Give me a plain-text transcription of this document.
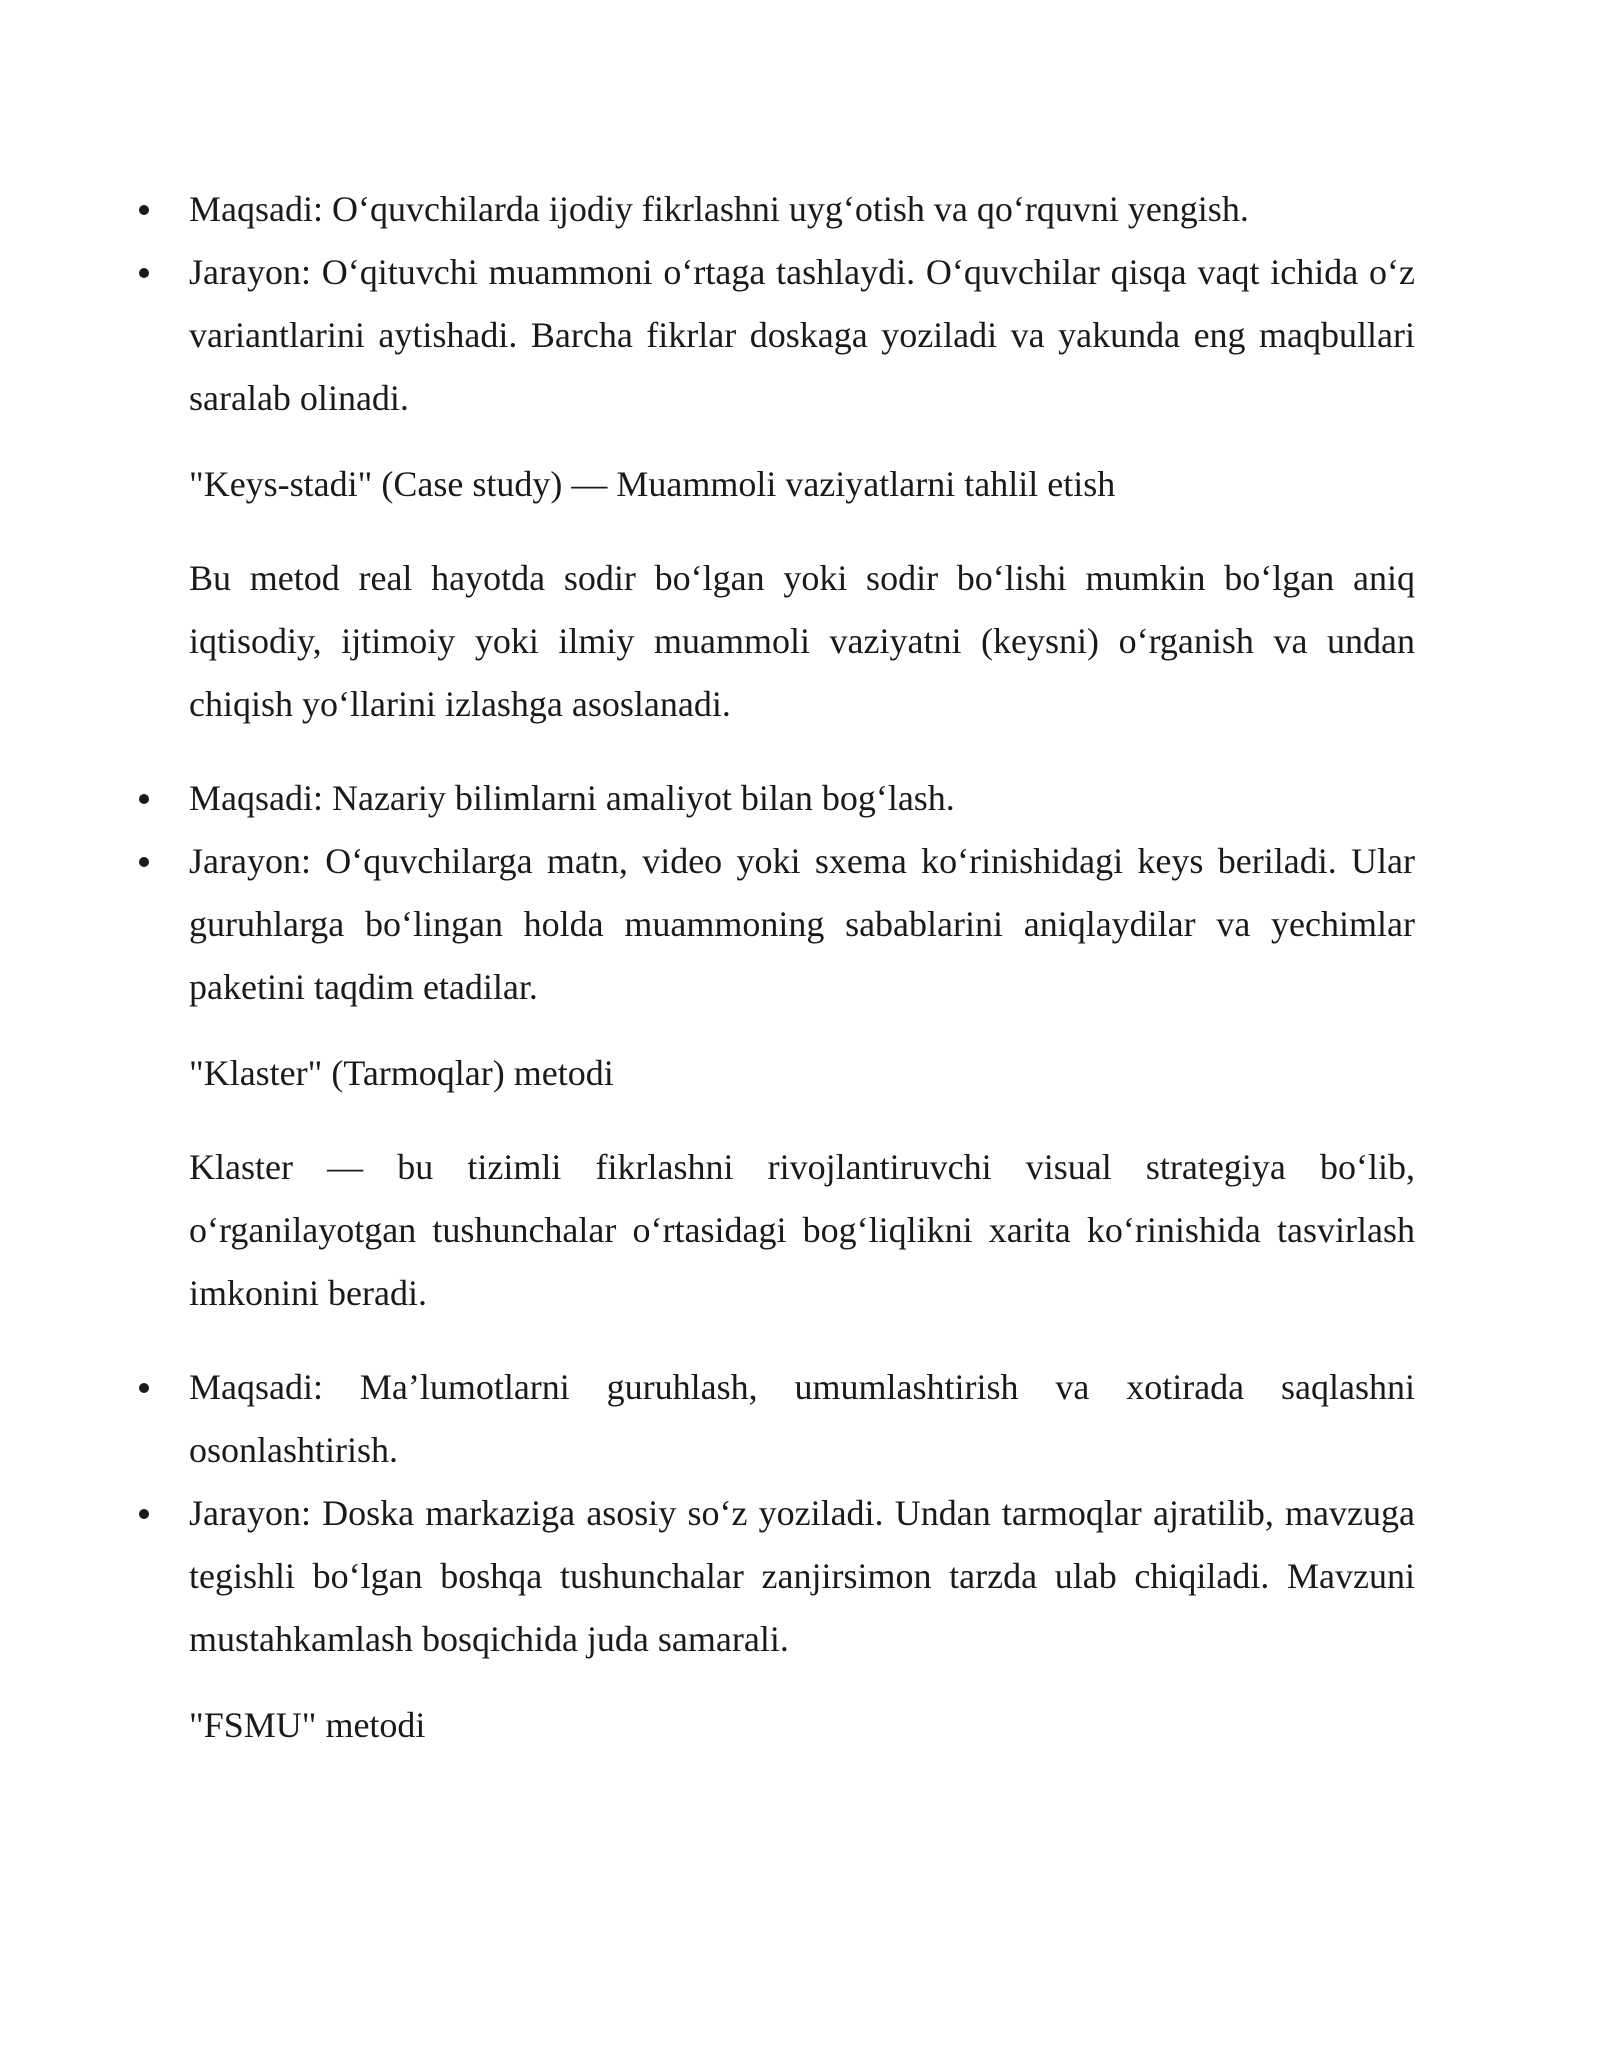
Maqsadi: O‘quvchilarda ijodiy fikrlashni uyg‘otish va qo‘rquvni yengish.
Jarayon: O‘qituvchi muammoni o‘rtaga tashlaydi. O‘quvchilar qisqa vaqt ichida o‘z variantlarini aytishadi. Barcha fikrlar doskaga yoziladi va yakunda eng maqbullari saralab olinadi.
"Keys-stadi" (Case study) — Muammoli vaziyatlarni tahlil etish
Bu metod real hayotda sodir bo‘lgan yoki sodir bo‘lishi mumkin bo‘lgan aniq iqtisodiy, ijtimoiy yoki ilmiy muammoli vaziyatni (keysni) o‘rganish va undan chiqish yo‘llarini izlashga asoslanadi.
Maqsadi: Nazariy bilimlarni amaliyot bilan bog‘lash.
Jarayon: O‘quvchilarga matn, video yoki sxema ko‘rinishidagi keys beriladi. Ular guruhlarga bo‘lingan holda muammoning sabablarini aniqlaydilar va yechimlar paketini taqdim etadilar.
"Klaster" (Tarmoqlar) metodi
Klaster — bu tizimli fikrlashni rivojlantiruvchi visual strategiya bo‘lib, o‘rganilayotgan tushunchalar o‘rtasidagi bog‘liqlikni xarita ko‘rinishida tasvirlash imkonini beradi.
Maqsadi: Ma’lumotlarni guruhlash, umumlashtirish va xotirada saqlashni osonlashtirish.
Jarayon: Doska markaziga asosiy so‘z yoziladi. Undan tarmoqlar ajratilib, mavzuga tegishli bo‘lgan boshqa tushunchalar zanjirsimon tarzda ulab chiqiladi. Mavzuni mustahkamlash bosqichida juda samarali.
"FSMU" metodi
